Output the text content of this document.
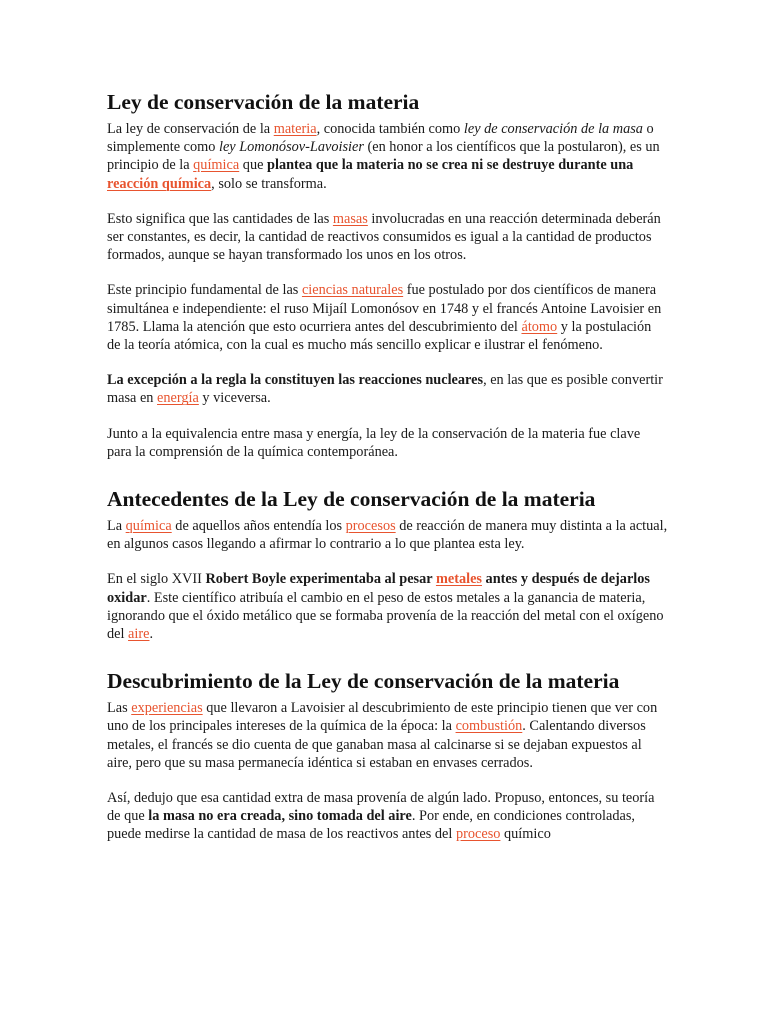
Ley de conservación de la materia

La ley de conservación de la materia, conocida también como ley de conservación de la masa o simplemente como ley Lomonósov-Lavoisier (en honor a los científicos que la postularon), es un principio de la química que plantea que la materia no se crea ni se destruye durante una reacción química, solo se transforma.

Esto significa que las cantidades de las masas involucradas en una reacción determinada deberán ser constantes, es decir, la cantidad de reactivos consumidos es igual a la cantidad de productos formados, aunque se hayan transformado los unos en los otros.

Este principio fundamental de las ciencias naturales fue postulado por dos científicos de manera simultánea e independiente: el ruso Mijaíl Lomonósov en 1748 y el francés Antoine Lavoisier en 1785. Llama la atención que esto ocurriera antes del descubrimiento del átomo y la postulación de la teoría atómica, con la cual es mucho más sencillo explicar e ilustrar el fenómeno.

La excepción a la regla la constituyen las reacciones nucleares, en las que es posible convertir masa en energía y viceversa.

Junto a la equivalencia entre masa y energía, la ley de la conservación de la materia fue clave para la comprensión de la química contemporánea.

Antecedentes de la Ley de conservación de la materia

La química de aquellos años entendía los procesos de reacción de manera muy distinta a la actual, en algunos casos llegando a afirmar lo contrario a lo que plantea esta ley.

En el siglo XVII Robert Boyle experimentaba al pesar metales antes y después de dejarlos oxidar. Este científico atribuía el cambio en el peso de estos metales a la ganancia de materia, ignorando que el óxido metálico que se formaba provenía de la reacción del metal con el oxígeno del aire.

Descubrimiento de la Ley de conservación de la materia

Las experiencias que llevaron a Lavoisier al descubrimiento de este principio tienen que ver con uno de los principales intereses de la química de la época: la combustión. Calentando diversos metales, el francés se dio cuenta de que ganaban masa al calcinarse si se dejaban expuestos al aire, pero que su masa permanecía idéntica si estaban en envases cerrados.

Así, dedujo que esa cantidad extra de masa provenía de algún lado. Propuso, entonces, su teoría de que la masa no era creada, sino tomada del aire. Por ende, en condiciones controladas, puede medirse la cantidad de masa de los reactivos antes del proceso químico
